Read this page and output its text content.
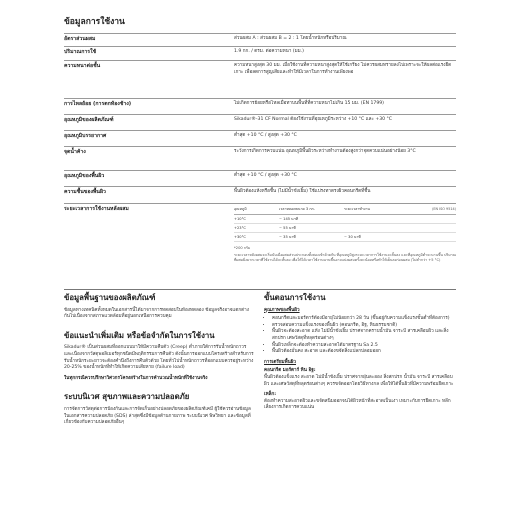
ข้อมูลการใช้งาน
อัตราส่วนผสม	ส่วนผสม A : ส่วนผสม B = 2 : 1 โดยน้ำหนักหรือปริมาณ
ปริมาณการใช้	1.9 กก. / ตรม. ต่อความหนา (มม.)
ความหนาต่อชั้น	ความหนาสูงสุด 30 มม. เมื่อใช้งานที่ความหนาสูงสุดให้ใช้เกรียง ไม่ควรผสมทรายลงไปเพราะจะให้ผลต่อแรงยึดเกาะ เพื่อลดการสูญเสียและทำให้มีเวลาในการทำงานเพียงพอ
การไหลย้อย (การตกท้องช้าง)	ไม่เกิดการย้อยหรือไหลเมื่อทาบนพื้นที่ที่ความหนาไม่เกิน 15 มม. (EN 1799)
อุณหภูมิของผลิตภัณฑ์	Sikadur®-31 CF Normal ต้องใช้งานที่อุณหภูมิระหว่าง +10 °C และ +30 °C
อุณหภูมิบรรยากาศ	ต่ำสุด +10 °C / สูงสุด +30 °C
จุดน้ำค้าง	ระวังการเกิดการควบแน่น อุณหภูมิพื้นผิวระหว่างทำงานต้องสูงกว่าจุดควบแน่นอย่างน้อย 3°C
อุณหภูมิของพื้นผิว	ต่ำสุด +10 °C / สูงสุด +30 °C
ความชื้นของพื้นผิว	พื้นผิวต้องแห้งหรือชื้น (ไม่มีน้ำขังเยิ้ม) ใช้แปรงทาตรงผิวคอนกรีตที่ชื้น
ระยะเวลาการใช้งานหลังผสม	(EN ISO 9514)
อุณหภูมิ	เวลาหลอดขนาด 3 กก.	ระยะเวลาทำงาน
+10°C	~ 145 นาที
+23°C	~ 55 นาที
+30°C	~ 35 นาที	~ 30 นาที
*200 กรัม
ระยะเวลาหลังผสมจะเริ่มนับเมื่อผสมส่วนประกอบทั้งสองเข้าด้วยกัน ที่อุณหภูมิสูงระยะเวลาการใช้งานจะสั้นลง และที่อุณหภูมิต่ำจะนานขึ้น ปริมาณที่ผสมยิ่งมากเวลาที่ใช้งานได้จะสั้นลง เพื่อให้ได้เวลาใช้งานนานขึ้นอาจแบ่งผสมครั้งละน้อยหรือทำให้เย็นลงก่อนผสม (ไม่ต่ำกว่า +5 °C)
ข้อมูลพื้นฐานของผลิตภัณฑ์

ข้อมูลทางเทคนิคทั้งหมดในเอกสารนี้ได้มาจากการทดสอบในห้องทดลอง ข้อมูลจริงอาจแตกต่างกันไปเนื่องจากสภาพแวดล้อมที่อยู่นอกเหนือการควบคุม

ข้อแนะนำเพิ่มเติม หรือข้อจำกัดในการใช้งาน

Sikadur® เป็นส่วนผสมที่ออกแบบมาให้มีความคืบตัว (Creep) ต่ำภายใต้การรับน้ำหนักถาวร และเนื่องจากวัสดุพอลิเมอร์ทุกชนิดมีพฤติกรรมการคืบตัว ดังนั้นการออกแบบโครงสร้างสำหรับการรับน้ำหนักระยะยาวจะต้องคำนึงถึงการคืบตัวด้วย โดยทั่วไปน้ำหนักถาวรที่ออกแบบควรอยู่ระหว่าง 20-25% ของน้ำหนักที่ทำให้เกิดความเสียหาย (failure load)

ในทุกกรณีควรปรึกษาวิศวกรโครงสร้างในการคำนวณน้ำหนักที่ใช้งานจริง

ระบบนิเวศ สุขภาพและความปลอดภัย

การจัดการวัสดุต่อการป้องกันและการจัดเก็บอย่างปลอดภัยของผลิตภัณฑ์เคมี ผู้ใช้ควรอ่านข้อมูลในเอกสารความปลอดภัย (SDS) ล่าสุดซึ่งมีข้อมูลด้านกายภาพ ระบบนิเวศ พิษวิทยา และข้อมูลที่เกี่ยวข้องกับความปลอดภัยอื่นๆ

ขั้นตอนการใช้งาน
คุณภาพของพื้นผิว
• คอนกรีตและมอร์ตาร์ต้องมีอายุไม่น้อยกว่า 28 วัน (ขึ้นอยู่กับความแข็งแรงขั้นต่ำที่ต้องการ)
• ตรวจสอบความแข็งแรงของพื้นผิว (คอนกรีต, อิฐ, หินธรรมชาติ)
• พื้นผิวจะต้องสะอาด แห้ง ไม่มีน้ำขังเยิ้ม ปราศจากคราบน้ำมัน จาระบี สารเคลือบผิว และสิ่งสกปรก เศษวัสดุที่หลุดร่อนต่างๆ
• พื้นผิวเหล็กจะต้องทำความสะอาดได้มาตรฐาน Sa 2.5
• พื้นผิวต้องมั่นคง สะอาด และต้องขจัดสิ่งแปลกปลอมออก
การเตรียมพื้นผิว
คอนกรีต มอร์ตาร์ หิน อิฐ:

พื้นผิวต้องแข็งแรง สะอาด ไม่มีน้ำขังเยิ้ม ปราศจากฝุ่นละออง สิ่งสกปรก น้ำมัน จาระบี สารเคลือบผิว และเศษวัสดุที่หลุดร่อนต่างๆ ควรขจัดออกโดยวิธีทางกล เพื่อให้ได้พื้นผิวที่มีความพร้อมยึดเกาะ

เหล็ก:

ต้องทำความสะอาดผิวและขจัดสนิมออกจนได้ผิวหน้าที่สะอาดเป็นเงา เหมาะกับการยึดเกาะ หลีกเลี่ยงการเกิดการควบแน่น
